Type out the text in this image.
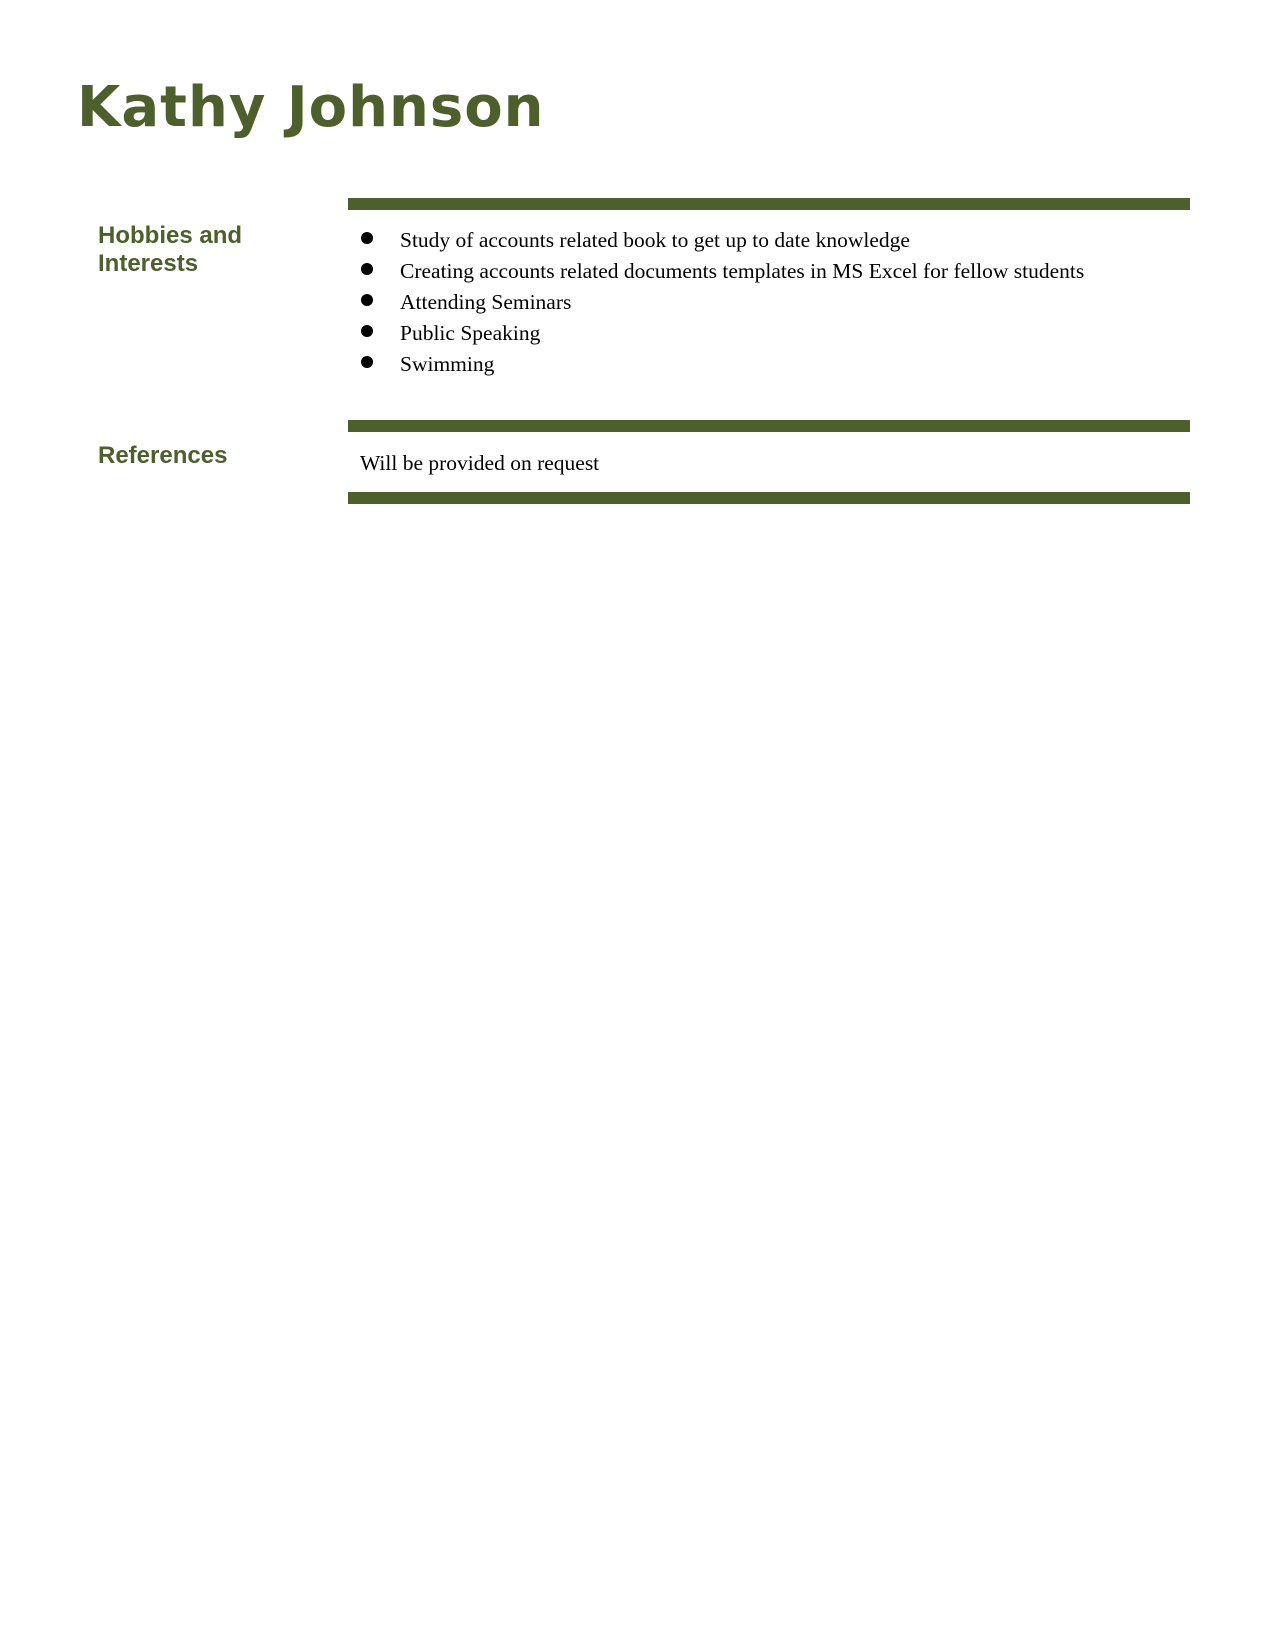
Kathy Johnson
Hobbies and Interests
Study of accounts related book to get up to date knowledge
Creating accounts related documents templates in MS Excel for fellow students
Attending Seminars
Public Speaking
Swimming
References	Will be provided on request
